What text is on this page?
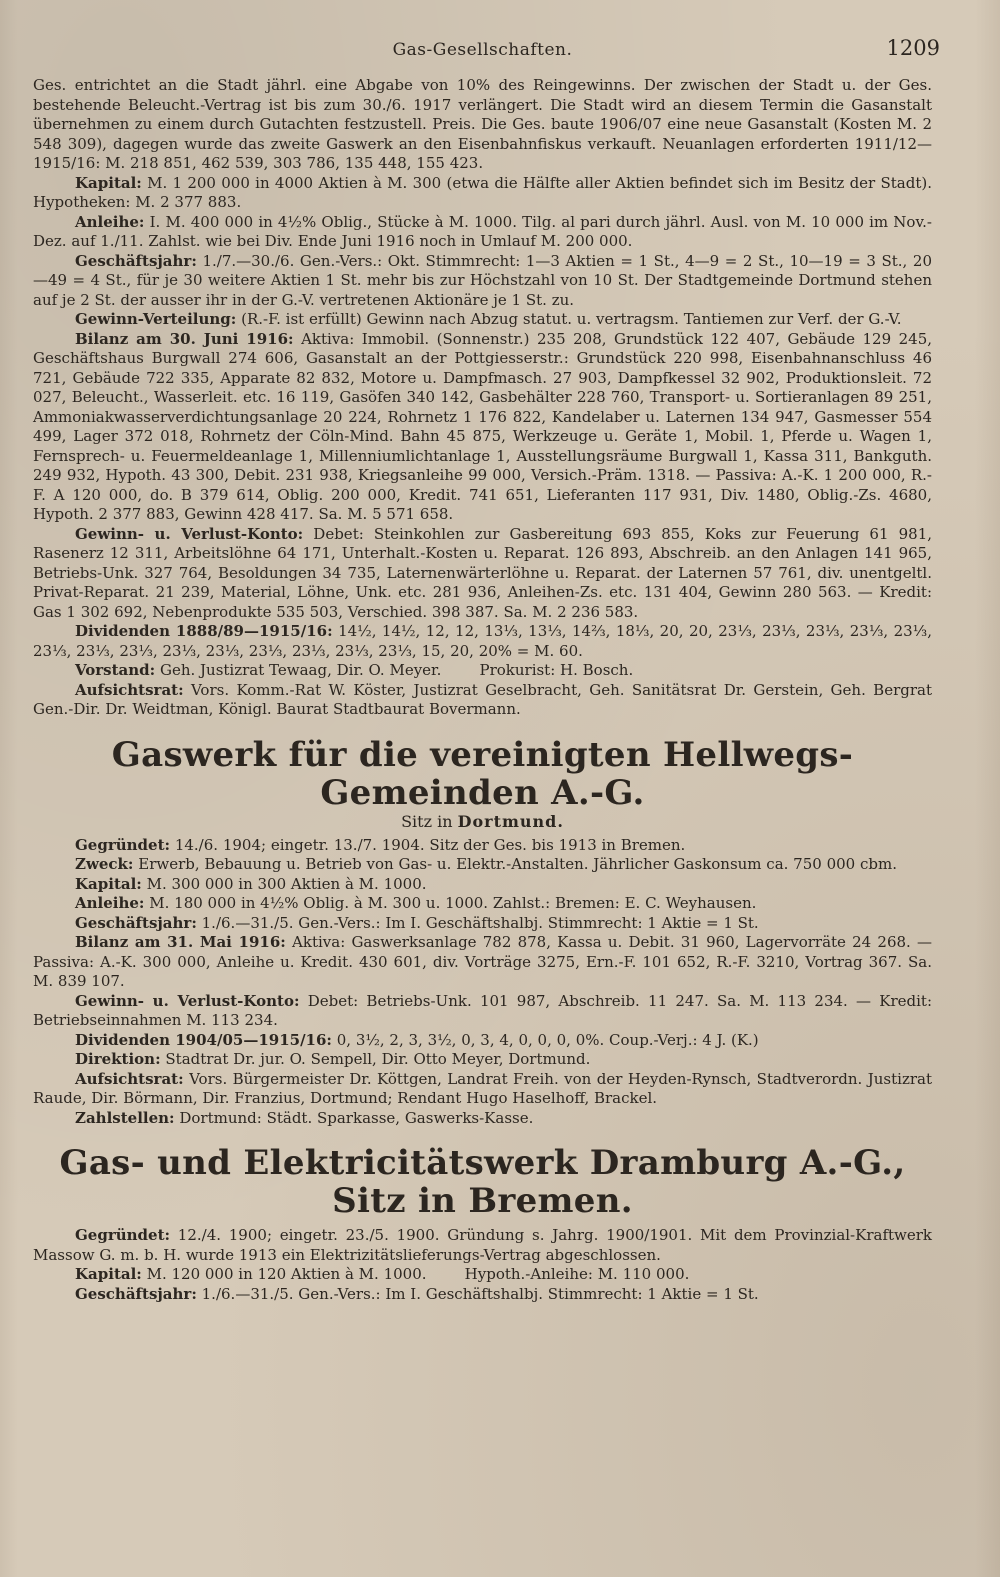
Gas-Gesellschaften.	1209

Ges. entrichtet an die Stadt jährl. eine Abgabe von 10% des Reingewinns. Der zwischen der Stadt u. der Ges. bestehende Beleucht.-Vertrag ist bis zum 30./6. 1917 verlängert. Die Stadt wird an diesem Termin die Gasanstalt übernehmen zu einem durch Gutachten festzustell. Preis. Die Ges. baute 1906/07 eine neue Gasanstalt (Kosten M. 2 548 309), dagegen wurde das zweite Gaswerk an den Eisenbahnfiskus verkauft. Neuanlagen erforderten 1911/12—1915/16: M. 218 851, 462 539, 303 786, 135 448, 155 423.

Kapital: M. 1 200 000 in 4000 Aktien à M. 300 (etwa die Hälfte aller Aktien befindet sich im Besitz der Stadt). Hypotheken: M. 2 377 883.

Anleihe: I. M. 400 000 in 4½% Oblig., Stücke à M. 1000. Tilg. al pari durch jährl. Ausl. von M. 10 000 im Nov.-Dez. auf 1./11. Zahlst. wie bei Div. Ende Juni 1916 noch in Umlauf M. 200 000.

Geschäftsjahr: 1./7.—30./6. Gen.-Vers.: Okt. Stimmrecht: 1—3 Aktien = 1 St., 4—9 = 2 St., 10—19 = 3 St., 20—49 = 4 St., für je 30 weitere Aktien 1 St. mehr bis zur Höchstzahl von 10 St. Der Stadtgemeinde Dortmund stehen auf je 2 St. der ausser ihr in der G.-V. vertretenen Aktionäre je 1 St. zu.

Gewinn-Verteilung: (R.-F. ist erfüllt) Gewinn nach Abzug statut. u. vertragsm. Tantiemen zur Verf. der G.-V.

Bilanz am 30. Juni 1916: Aktiva: Immobil. (Sonnenstr.) 235 208, Grundstück 122 407, Gebäude 129 245, Geschäftshaus Burgwall 274 606, Gasanstalt an der Pottgiesserstr.: Grundstück 220 998, Eisenbahnanschluss 46 721, Gebäude 722 335, Apparate 82 832, Motore u. Dampfmasch. 27 903, Dampfkessel 32 902, Produktionsleit. 72 027, Beleucht., Wasserleit. etc. 16 119, Gasöfen 340 142, Gasbehälter 228 760, Transport- u. Sortieranlagen 89 251, Ammoniakwasserverdichtungsanlage 20 224, Rohrnetz 1 176 822, Kandelaber u. Laternen 134 947, Gasmesser 554 499, Lager 372 018, Rohrnetz der Cöln-Mind. Bahn 45 875, Werkzeuge u. Geräte 1, Mobil. 1, Pferde u. Wagen 1, Fernsprech- u. Feuermeldeanlage 1, Millenniumlichtanlage 1, Ausstellungsräume Burgwall 1, Kassa 311, Bankguth. 249 932, Hypoth. 43 300, Debit. 231 938, Kriegsanleihe 99 000, Versich.-Präm. 1318. — Passiva: A.-K. 1 200 000, R.-F. A 120 000, do. B 379 614, Oblig. 200 000, Kredit. 741 651, Lieferanten 117 931, Div. 1480, Oblig.-Zs. 4680, Hypoth. 2 377 883, Gewinn 428 417. Sa. M. 5 571 658.

Gewinn- u. Verlust-Konto: Debet: Steinkohlen zur Gasbereitung 693 855, Koks zur Feuerung 61 981, Rasenerz 12 311, Arbeitslöhne 64 171, Unterhalt.-Kosten u. Reparat. 126 893, Abschreib. an den Anlagen 141 965, Betriebs-Unk. 327 764, Besoldungen 34 735, Laternenwärterlöhne u. Reparat. der Laternen 57 761, div. unentgeltl. Privat-Reparat. 21 239, Material, Löhne, Unk. etc. 281 936, Anleihen-Zs. etc. 131 404, Gewinn 280 563. — Kredit: Gas 1 302 692, Nebenprodukte 535 503, Verschied. 398 387. Sa. M. 2 236 583.

Dividenden 1888/89—1915/16: 14½, 14½, 12, 12, 13⅓, 13⅓, 14⅔, 18⅓, 20, 20, 23⅓, 23⅓, 23⅓, 23⅓, 23⅓, 23⅓, 23⅓, 23⅓, 23⅓, 23⅓, 23⅓, 23⅓, 23⅓, 23⅓, 15, 20, 20% = M. 60.

Vorstand: Geh. Justizrat Tewaag, Dir. O. Meyer.        Prokurist: H. Bosch.

Aufsichtsrat: Vors. Komm.-Rat W. Köster, Justizrat Geselbracht, Geh. Sanitätsrat Dr. Gerstein, Geh. Bergrat Gen.-Dir. Dr. Weidtman, Königl. Baurat Stadtbaurat Bovermann.

Gaswerk für die vereinigten Hellwegs-Gemeinden A.-G.

Sitz in Dortmund.

Gegründet: 14./6. 1904; eingetr. 13./7. 1904. Sitz der Ges. bis 1913 in Bremen.

Zweck: Erwerb, Bebauung u. Betrieb von Gas- u. Elektr.-Anstalten. Jährlicher Gaskonsum ca. 750 000 cbm.

Kapital: M. 300 000 in 300 Aktien à M. 1000.

Anleihe: M. 180 000 in 4½% Oblig. à M. 300 u. 1000. Zahlst.: Bremen: E. C. Weyhausen.

Geschäftsjahr: 1./6.—31./5. Gen.-Vers.: Im I. Geschäftshalbj. Stimmrecht: 1 Aktie = 1 St.

Bilanz am 31. Mai 1916: Aktiva: Gaswerksanlage 782 878, Kassa u. Debit. 31 960, Lagervorräte 24 268. — Passiva: A.-K. 300 000, Anleihe u. Kredit. 430 601, div. Vorträge 3275, Ern.-F. 101 652, R.-F. 3210, Vortrag 367. Sa. M. 839 107.

Gewinn- u. Verlust-Konto: Debet: Betriebs-Unk. 101 987, Abschreib. 11 247. Sa. M. 113 234. — Kredit: Betriebseinnahmen M. 113 234.

Dividenden 1904/05—1915/16: 0, 3½, 2, 3, 3½, 0, 3, 4, 0, 0, 0, 0%. Coup.-Verj.: 4 J. (K.)

Direktion: Stadtrat Dr. jur. O. Sempell, Dir. Otto Meyer, Dortmund.

Aufsichtsrat: Vors. Bürgermeister Dr. Köttgen, Landrat Freih. von der Heyden-Rynsch, Stadtverordn. Justizrat Raude, Dir. Börmann, Dir. Franzius, Dortmund; Rendant Hugo Haselhoff, Brackel.

Zahlstellen: Dortmund: Städt. Sparkasse, Gaswerks-Kasse.

Gas- und Elektricitätswerk Dramburg A.-G., Sitz in Bremen.

Gegründet: 12./4. 1900; eingetr. 23./5. 1900. Gründung s. Jahrg. 1900/1901. Mit dem Provinzial-Kraftwerk Massow G. m. b. H. wurde 1913 ein Elektrizitätslieferungs-Vertrag abgeschlossen.

Kapital: M. 120 000 in 120 Aktien à M. 1000.        Hypoth.-Anleihe: M. 110 000.

Geschäftsjahr: 1./6.—31./5. Gen.-Vers.: Im I. Geschäftshalbj. Stimmrecht: 1 Aktie = 1 St.
